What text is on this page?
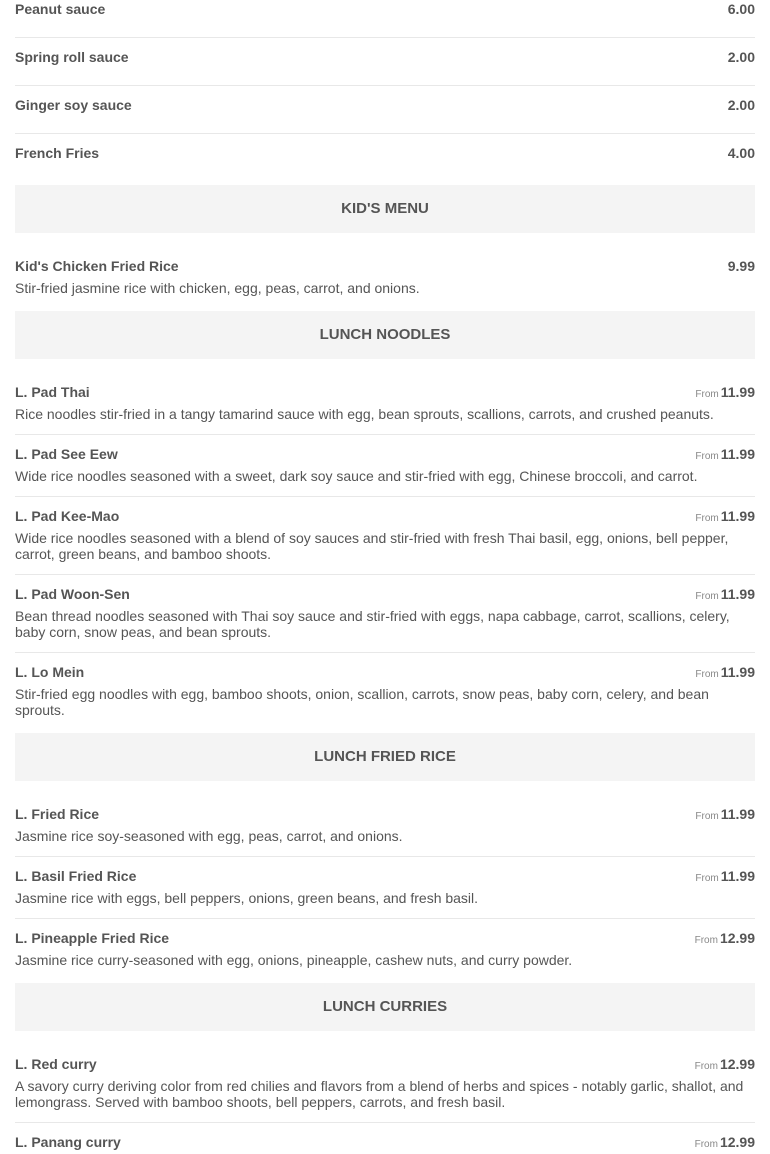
Peanut sauce	6.00
Spring roll sauce	2.00
Ginger soy sauce	2.00
French Fries	4.00
KID'S MENU
Kid's Chicken Fried Rice	9.99
Stir-fried jasmine rice with chicken, egg, peas, carrot, and onions.
LUNCH NOODLES
L. Pad Thai	From 11.99
Rice noodles stir-fried in a tangy tamarind sauce with egg, bean sprouts, scallions, carrots, and crushed peanuts.
L. Pad See Eew	From 11.99
Wide rice noodles seasoned with a sweet, dark soy sauce and stir-fried with egg, Chinese broccoli, and carrot.
L. Pad Kee-Mao	From 11.99
Wide rice noodles seasoned with a blend of soy sauces and stir-fried with fresh Thai basil, egg, onions, bell pepper, carrot, green beans, and bamboo shoots.
L. Pad Woon-Sen	From 11.99
Bean thread noodles seasoned with Thai soy sauce and stir-fried with eggs, napa cabbage, carrot, scallions, celery, baby corn, snow peas, and bean sprouts.
L. Lo Mein	From 11.99
Stir-fried egg noodles with egg, bamboo shoots, onion, scallion, carrots, snow peas, baby corn, celery, and bean sprouts.
LUNCH FRIED RICE
L. Fried Rice	From 11.99
Jasmine rice soy-seasoned with egg, peas, carrot, and onions.
L. Basil Fried Rice	From 11.99
Jasmine rice with eggs, bell peppers, onions, green beans, and fresh basil.
L. Pineapple Fried Rice	From 12.99
Jasmine rice curry-seasoned with egg, onions, pineapple, cashew nuts, and curry powder.
LUNCH CURRIES
L. Red curry	From 12.99
A savory curry deriving color from red chilies and flavors from a blend of herbs and spices - notably garlic, shallot, and lemongrass. Served with bamboo shoots, bell peppers, carrots, and fresh basil.
L. Panang curry	From 12.99
